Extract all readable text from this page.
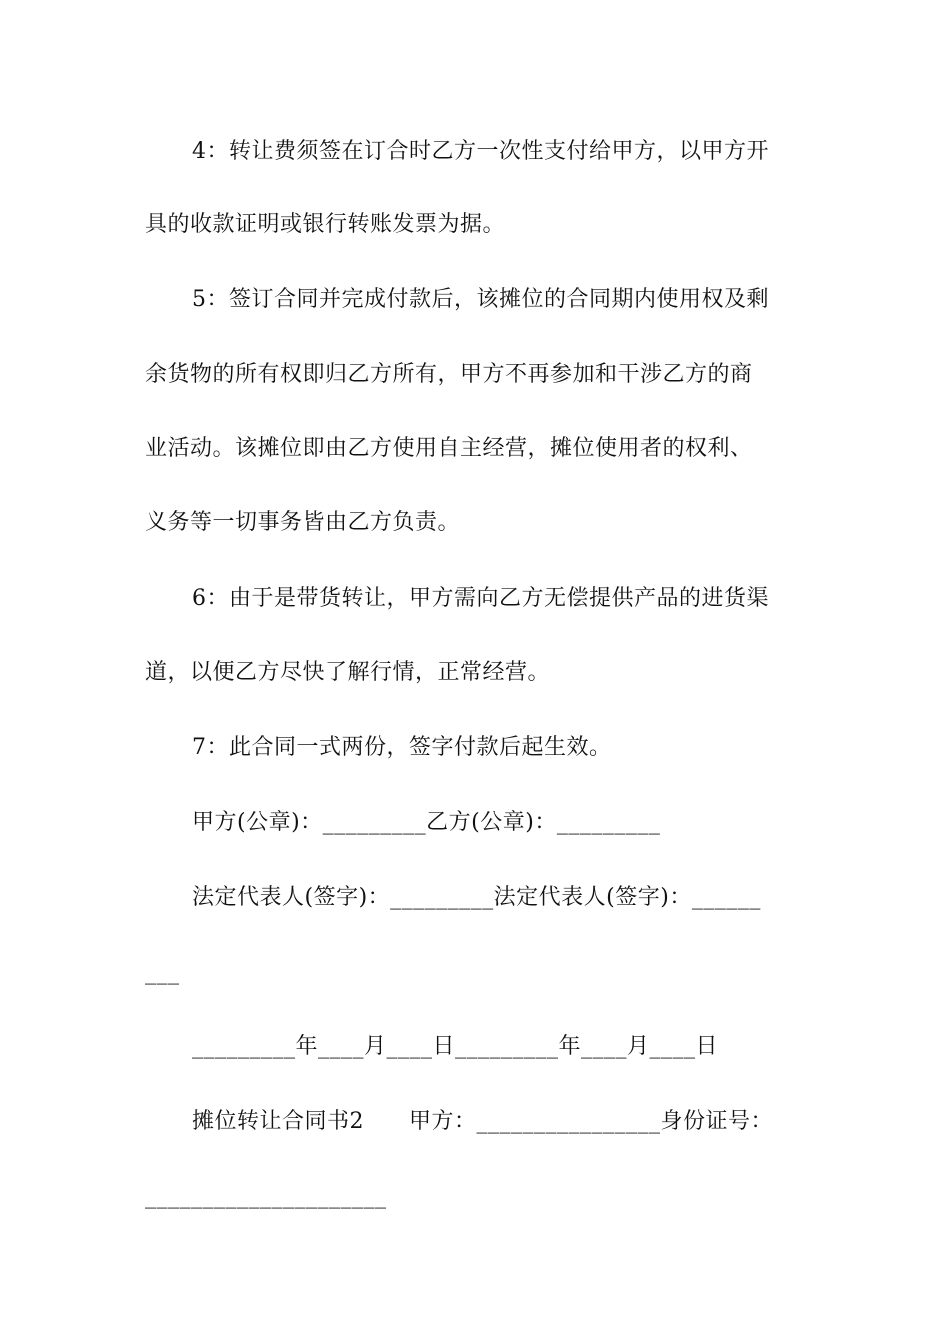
4：转让费须签在订合时乙方一次性支付给甲方，以甲方开
具的收款证明或银行转账发票为据。
5：签订合同并完成付款后，该摊位的合同期内使用权及剩
余货物的所有权即归乙方所有，甲方不再参加和干涉乙方的商
业活动。该摊位即由乙方使用自主经营，摊位使用者的权利、
义务等一切事务皆由乙方负责。
6：由于是带货转让，甲方需向乙方无偿提供产品的进货渠
道，以便乙方尽快了解行情，正常经营。
7：此合同一式两份，签字付款后起生效。
甲方(公章)：_________乙方(公章)：_________
法定代表人(签字)：_________法定代表人(签字)：______
___
_________年____月____日_________年____月____日
摊位转让合同书2　　甲方：________________身份证号：
_____________________
